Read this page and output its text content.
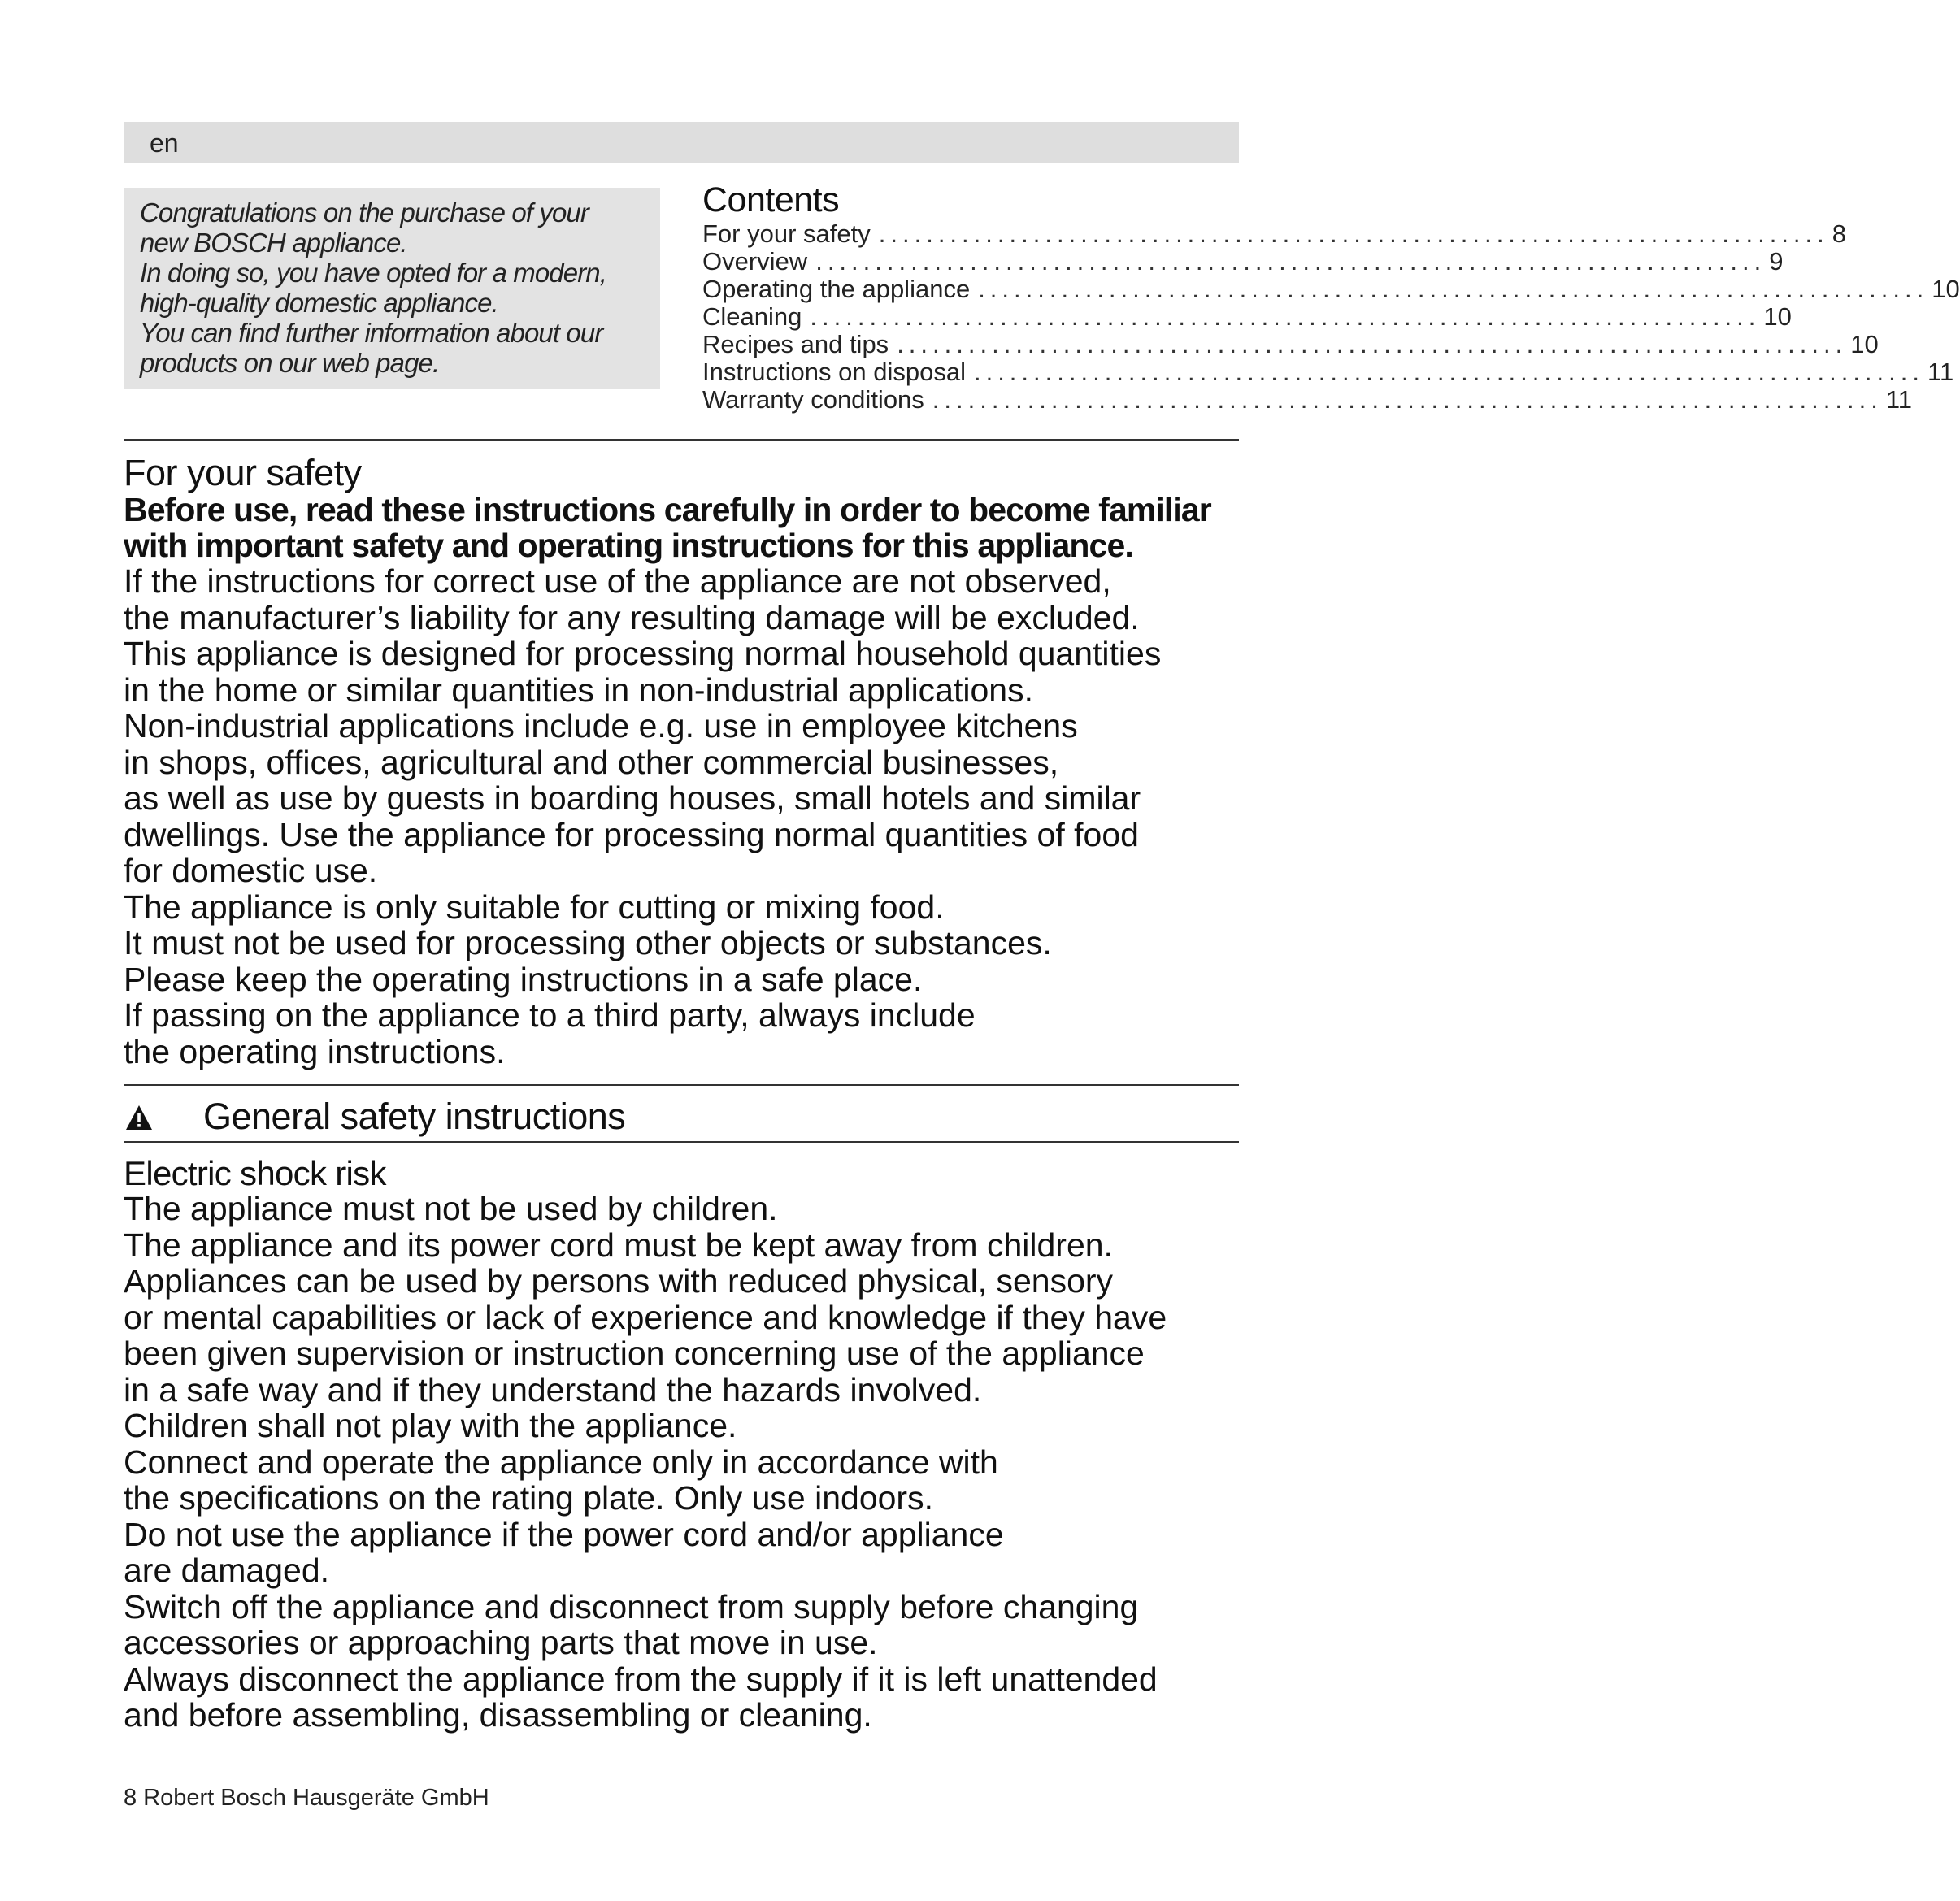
en
Congratulations on the purchase of your
new BOSCH appliance.
In doing so, you have opted for a modern,
high-quality domestic appliance.
You can find further information about our
products on our web page.
Contents
For your safety ................................................................................ 8
Overview ................................................................................ 9
Operating the appliance ................................................................................ 10
Cleaning ................................................................................ 10
Recipes and tips ................................................................................ 10
Instructions on disposal ................................................................................ 11
Warranty conditions ................................................................................ 11
For your safety
Before use, read these instructions carefully in order to become familiar
with important safety and operating instructions for this appliance.
If the instructions for correct use of the appliance are not observed,
the manufacturer’s liability for any resulting damage will be excluded.
This appliance is designed for processing normal household quantities
in the home or similar quantities in non-industrial applications.
Non-industrial applications include e.g. use in employee kitchens
in shops, offices, agricultural and other commercial businesses,
as well as use by guests in boarding houses, small hotels and similar
dwellings. Use the appliance for processing normal quantities of food
for domestic use.
The appliance is only suitable for cutting or mixing food.
It must not be used for processing other objects or substances.
Please keep the operating instructions in a safe place.
If passing on the appliance to a third party, always include
the operating instructions.
General safety instructions
Electric shock risk
The appliance must not be used by children.
The appliance and its power cord must be kept away from children.
Appliances can be used by persons with reduced physical, sensory
or mental capabilities or lack of experience and knowledge if they have
been given supervision or instruction concerning use of the appliance
in a safe way and if they understand the hazards involved.
Children shall not play with the appliance.
Connect and operate the appliance only in accordance with
the specifications on the rating plate. Only use indoors.
Do not use the appliance if the power cord and/or appliance
are damaged.
Switch off the appliance and disconnect from supply before changing
accessories or approaching parts that move in use.
Always disconnect the appliance from the supply if it is left unattended
and before assembling, disassembling or cleaning.
8 Robert Bosch Hausgeräte GmbH
